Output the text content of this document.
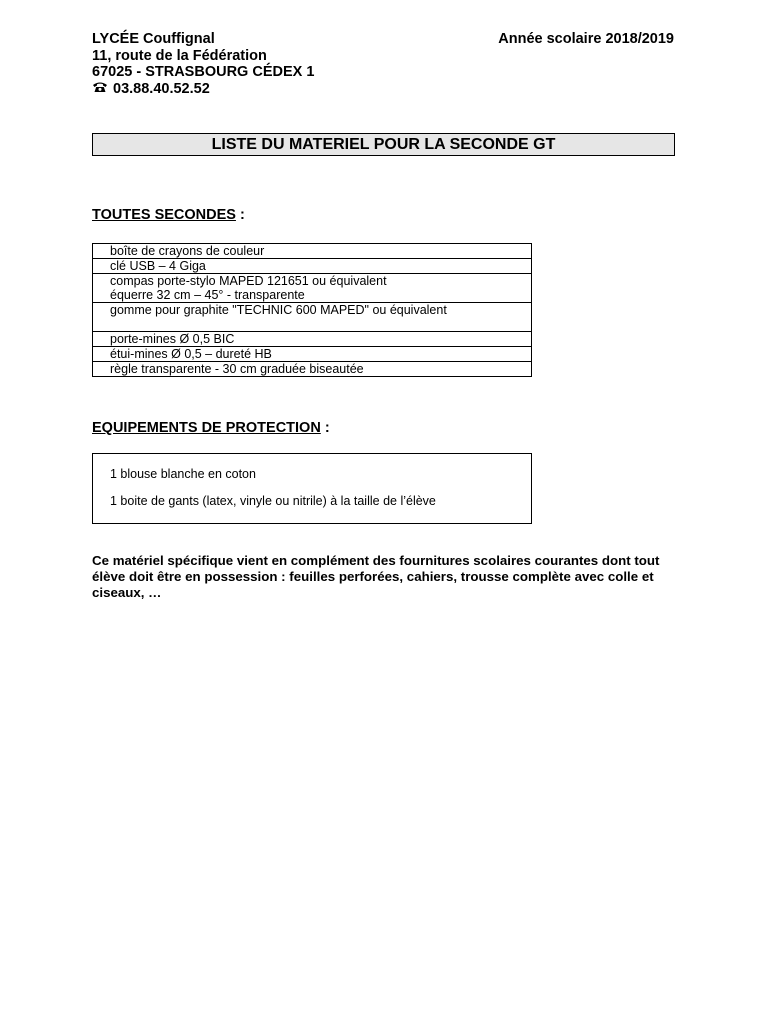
LYCÉE Couffignal
11, route de la Fédération
67025 - STRASBOURG CÉDEX 1
03.88.40.52.52
Année scolaire 2018/2019
LISTE DU MATERIEL POUR LA SECONDE GT
TOUTES SECONDES :
boîte de crayons de couleur
clé USB – 4 Giga

compas porte-stylo MAPED 121651 ou équivalent
équerre 32 cm – 45° - transparente

gomme pour graphite "TECHNIC 600 MAPED" ou équivalent
porte-mines Ø 0,5 BIC
étui-mines Ø 0,5 – dureté HB
règle transparente - 30 cm graduée biseautée
EQUIPEMENTS DE PROTECTION :
1 blouse blanche en coton
1 boite de gants (latex, vinyle ou nitrile) à la taille de l’élève
Ce matériel spécifique vient en complément des fournitures scolaires courantes dont tout élève doit être en possession : feuilles perforées, cahiers, trousse complète avec colle et ciseaux, …
